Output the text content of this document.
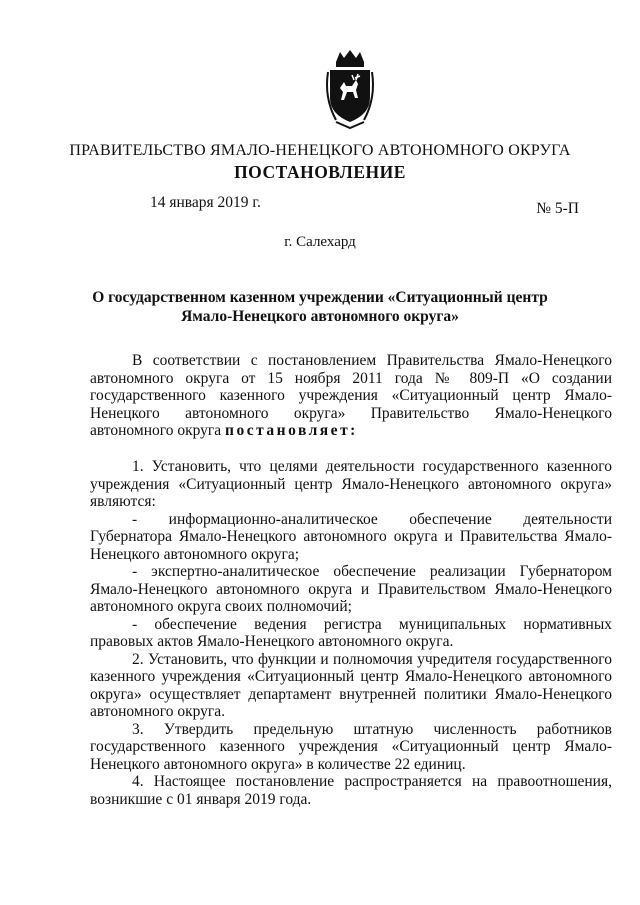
ПРАВИТЕЛЬСТВО ЯМАЛО-НЕНЕЦКОГО АВТОНОМНОГО ОКРУГА
ПОСТАНОВЛЕНИЕ
14 января 2019 г.	№ 5-П
г. Салехард
О государственном казенном учреждении «Ситуационный центр
Ямало-Ненецкого автономного округа»

В соответствии с постановлением Правительства Ямало-Ненецкого автономного округа от 15 ноября 2011 года № 809-П «О создании государственного казенного учреждения «Ситуационный центр Ямало-Ненецкого автономного округа» Правительство Ямало-Ненецкого автономного округа постановляет:

1. Установить, что целями деятельности государственного казенного учреждения «Ситуационный центр Ямало-Ненецкого автономного округа» являются:

- информационно-аналитическое обеспечение деятельности Губернатора Ямало-Ненецкого автономного округа и Правительства Ямало-Ненецкого автономного округа;

- экспертно-аналитическое обеспечение реализации Губернатором Ямало-Ненецкого автономного округа и Правительством Ямало-Ненецкого автономного округа своих полномочий;

- обеспечение ведения регистра муниципальных нормативных правовых актов Ямало-Ненецкого автономного округа.

2. Установить, что функции и полномочия учредителя государственного казенного учреждения «Ситуационный центр Ямало-Ненецкого автономного округа» осуществляет департамент внутренней политики Ямало-Ненецкого автономного округа.

3. Утвердить предельную штатную численность работников государственного казенного учреждения «Ситуационный центр Ямало-Ненецкого автономного округа» в количестве 22 единиц.

4. Настоящее постановление распространяется на правоотношения, возникшие с 01 января 2019 года.
